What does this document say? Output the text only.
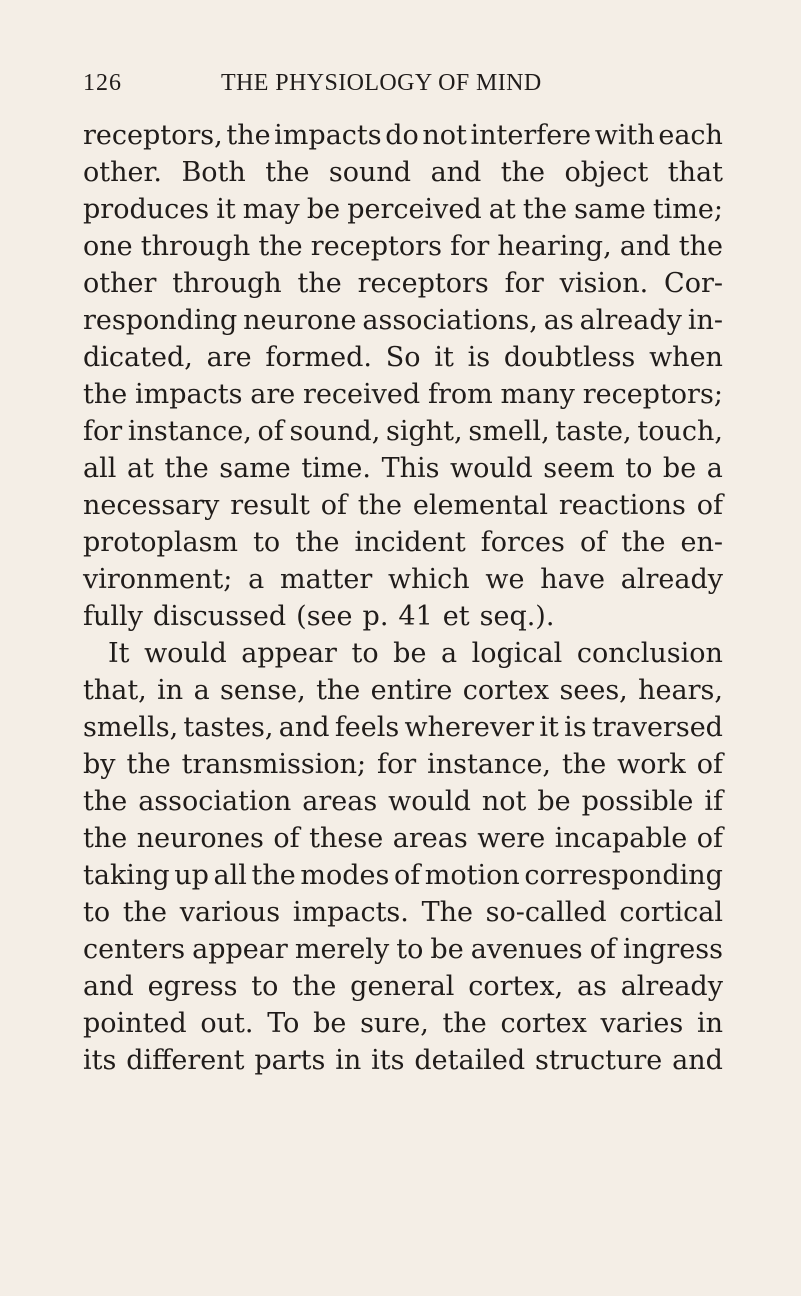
126	THE PHYSIOLOGY OF MIND
receptors, the impacts do not interfere with each
other. Both the sound and the object that
produces it may be perceived at the same time;
one through the receptors for hearing, and the
other through the receptors for vision. Cor-
responding neurone associations, as already in-
dicated, are formed. So it is doubtless when
the impacts are received from many receptors;
for instance, of sound, sight, smell, taste, touch,
all at the same time. This would seem to be a
necessary result of the elemental reactions of
protoplasm to the incident forces of the en-
vironment; a matter which we have already
fully discussed (see p. 41 et seq.).
It would appear to be a logical conclusion
that, in a sense, the entire cortex sees, hears,
smells, tastes, and feels wherever it is traversed
by the transmission; for instance, the work of
the association areas would not be possible if
the neurones of these areas were incapable of
taking up all the modes of motion corresponding
to the various impacts. The so-called cortical
centers appear merely to be avenues of ingress
and egress to the general cortex, as already
pointed out. To be sure, the cortex varies in
its different parts in its detailed structure and
